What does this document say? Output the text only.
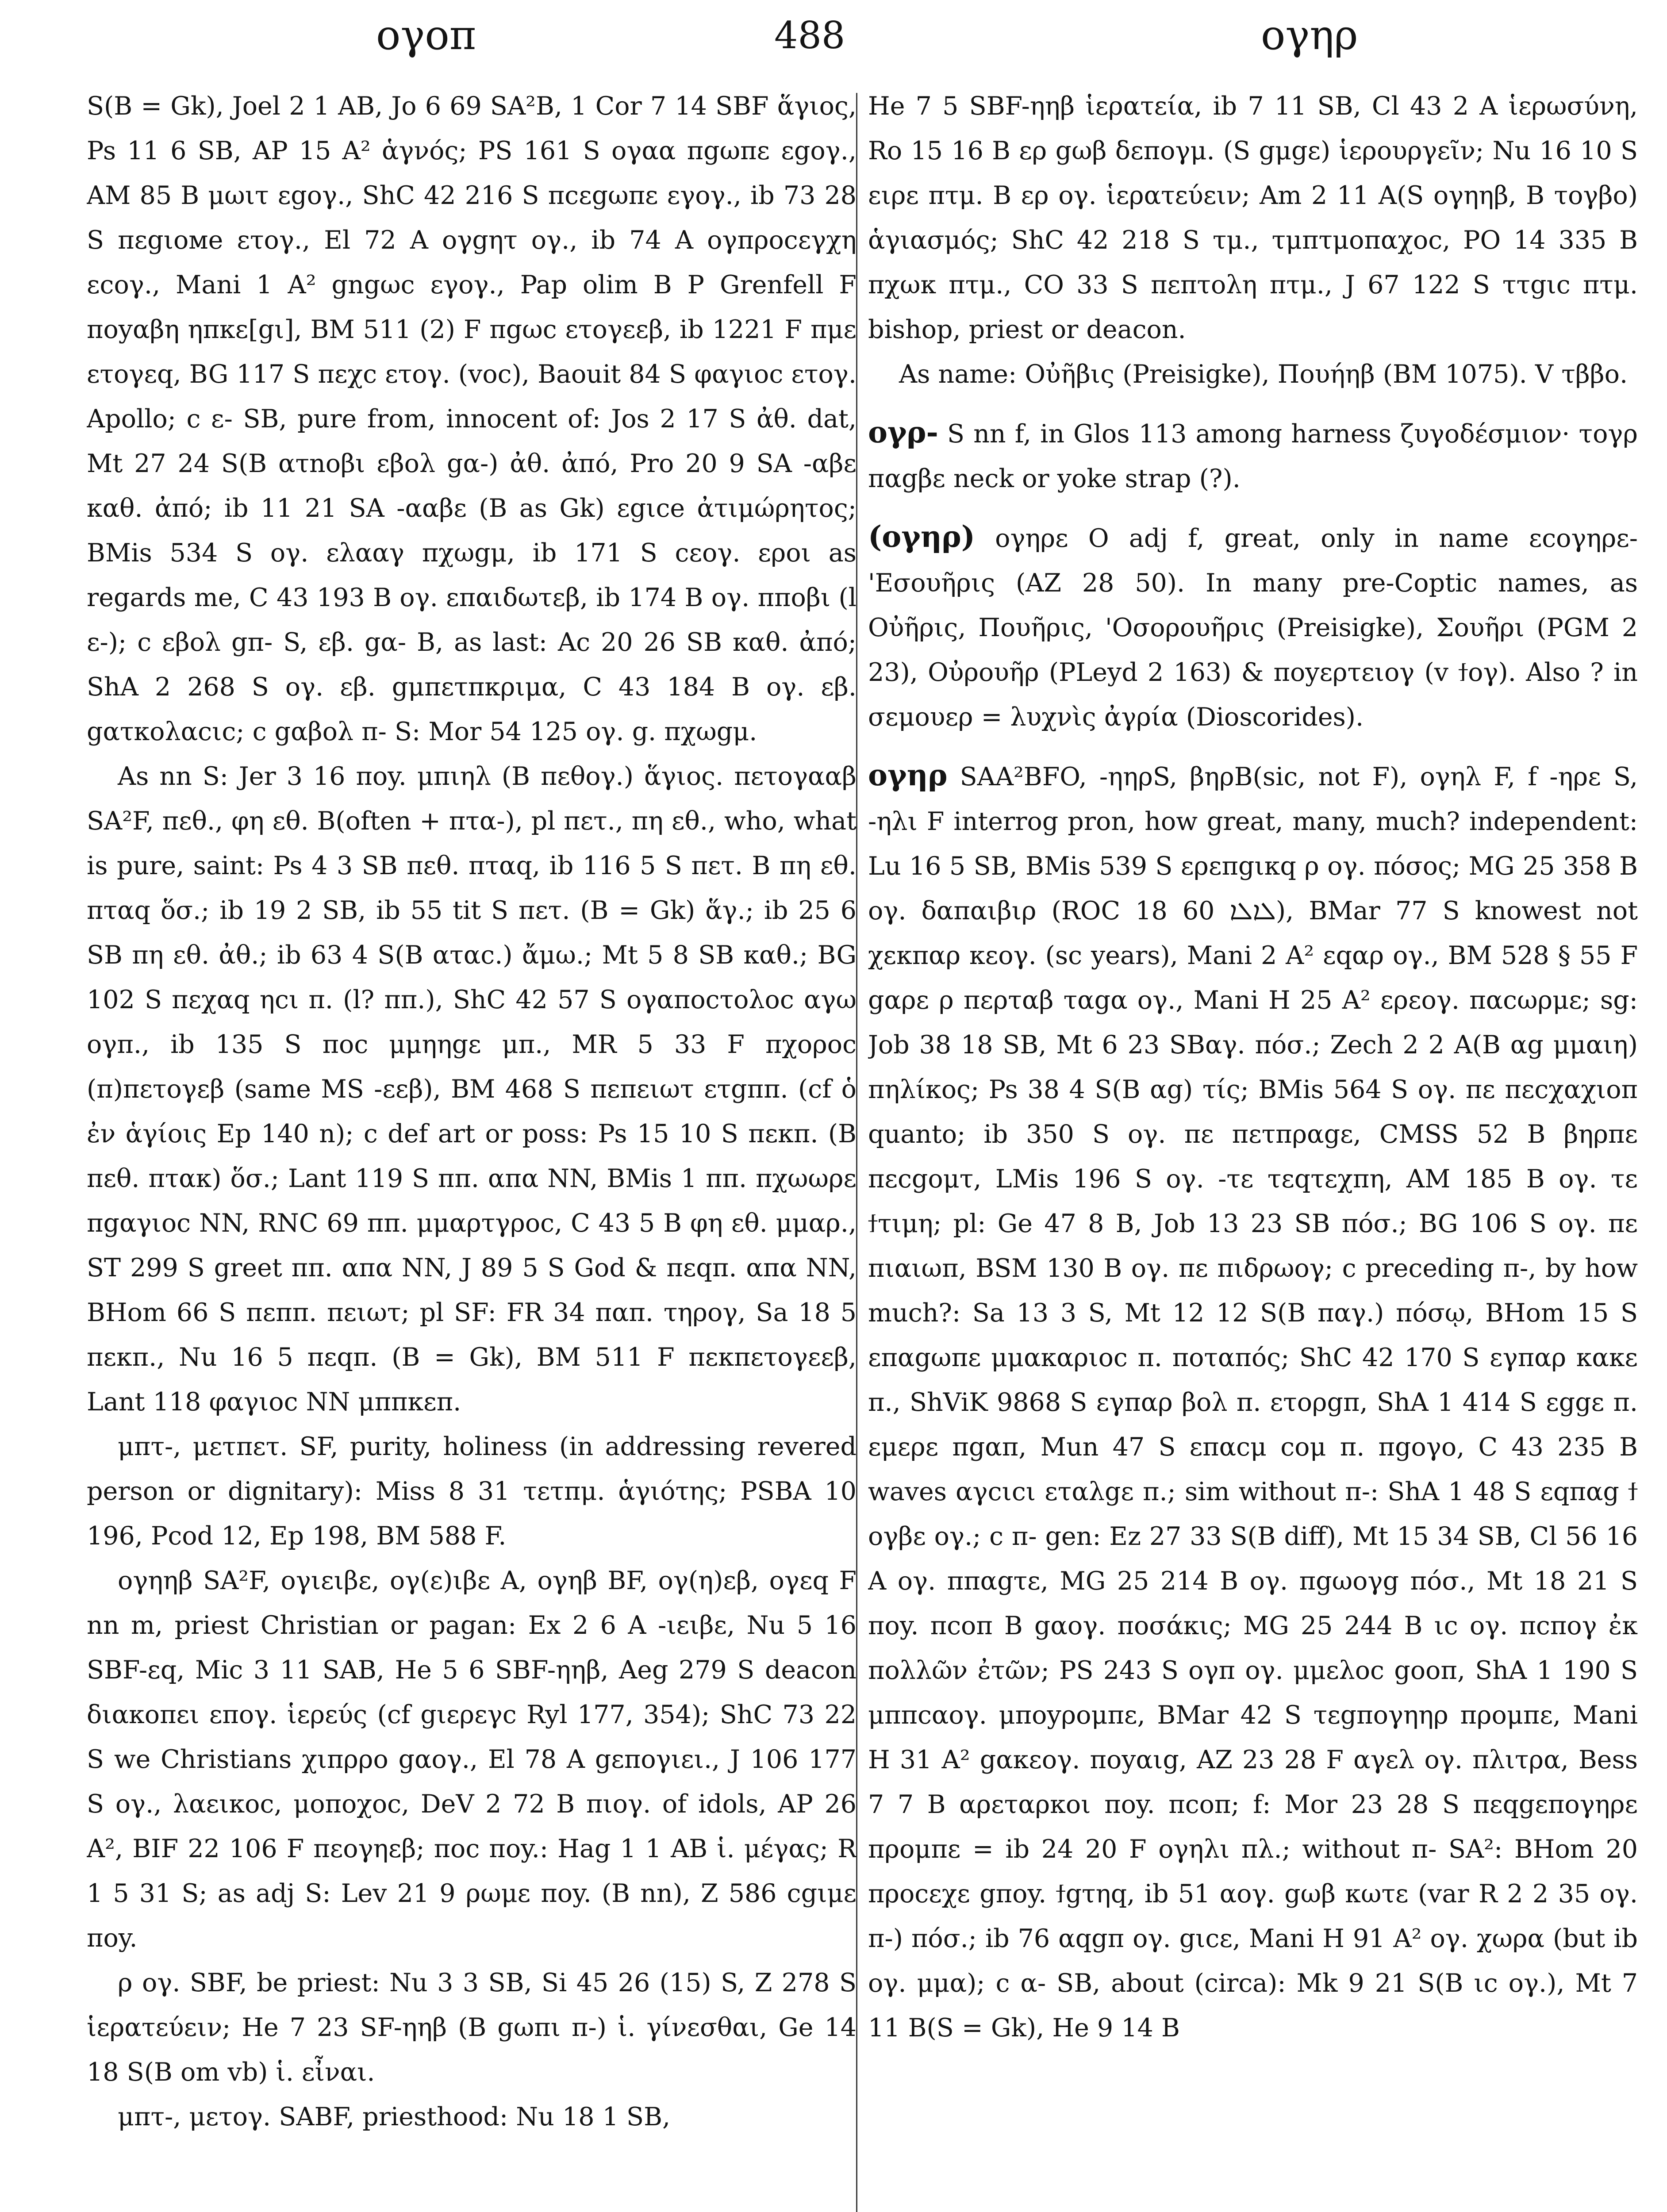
ογοπ	488	ογηρ

S(B = Gk), Joel 2 1 AB, Jo 6 69 SA²B, 1 Cor 7 14 SBF ἅγιος, Ps 11 6 SB, AP 15 A² ἁγνός; PS 161 S ογαα πgωπε εgογ., AM 85 B μωιτ εgογ., ShC 42 216 S πcεgωπε εγογ., ib 73 28 S πεgιοме ετογ., El 72 A ογgητ ογ., ib 74 A ογπροcεγχη εcογ., Mani 1 A² gngωc εγογ., Pap olim B P Grenfell F ποyαβη ηπκε[gι], BM 511 (2) F πgωc ετογεεβ, ib 1221 F πμε ετογεq, BG 117 S πεχc ετογ. (voc), Baouit 84 S φαγιοc ετογ. Apollo; c ε- SB, pure from, innocent of: Jos 2 17 S ἀθ. dat, Mt 27 24 S(B ατnoβι εβολ gα-) ἀθ. ἀπό, Pro 20 9 SA -αβε καθ. ἀπό; ib 11 21 SA -ααβε (B as Gk) εgιce ἀτιμώρητος; BMis 534 S ογ. ελααγ πχωgμ, ib 171 S cεογ. εροι as regards me, C 43 193 B ογ. επαιδωτεβ, ib 174 B ογ. ππoβι (l ε-); c εβολ gπ- S, εβ. gα- B, as last: Ac 20 26 SB καθ. ἀπό; ShA 2 268 S ογ. εβ. gμπετπκριμα, C 43 184 B ογ. εβ. gατκολαcιc; c gαβολ π- S: Mor 54 125 ογ. g. πχωgμ.

As nn S: Jer 3 16 ποy. μπιηλ (B πεθογ.) ἅγιος. πετογααβ SA²F, πεθ., φη εθ. B(often + πτα-), pl πετ., πη εθ., who, what is pure, saint: Ps 4 3 SB πεθ. πταq, ib 116 5 S πετ. B πη εθ. πταq ὅσ.; ib 19 2 SB, ib 55 tit S πετ. (B = Gk) ἅγ.; ib 25 6 SB πη εθ. ἀθ.; ib 63 4 S(B αταc.) ἄμω.; Mt 5 8 SB καθ.; BG 102 S πεχαq ηcι π. (l? ππ.), ShC 42 57 S ογαποcτολοc αγω ογπ., ib 135 S ποc μμηηgε μπ., MR 5 33 F πχοροc (π)πετογεβ (same MS -εεβ), BM 468 S πεπειωτ ετgππ. (cf ὁ ἐν ἁγίοις Ep 140 n); c def art or poss: Ps 15 10 S πεκπ. (B πεθ. πταк) ὅσ.; Lant 119 S ππ. απα NN, BMis 1 ππ. πχωωρε πgαγιοc NN, RNC 69 ππ. μμαρτγροc, C 43 5 B φη εθ. μμαρ., ST 299 S greet ππ. απα NN, J 89 5 S God & πεqπ. απα NN, BHom 66 S πεππ. πειωτ; pl SF: FR 34 παπ. τηρογ, Sa 18 5 πεκπ., Nu 16 5 πεqπ. (B = Gk), BM 511 F πεκπετογεεβ, Lant 118 φαγιοc NN μππκεπ.

μπτ-, μετπετ. SF, purity, holiness (in addressing revered person or dignitary): Miss 8 31 τετπμ. ἁγιότης; PSBA 10 196, Pcod 12, Ep 198, BM 588 F.

ογηηβ SA²F, ογιειβε, ογ(ε)ιβε A, ογηβ BF, ογ(η)εβ, ογεq F nn m, priest Christian or pagan: Ex 2 6 A -ιειβε, Nu 5 16 SBF-εq, Mic 3 11 SAB, He 5 6 SBF-ηηβ, Aeg 279 S deacon διακοπει επογ. ἱερεύς (cf gιερεγc Ryl 177, 354); ShC 73 22 S we Christians χιπρρο gαογ., El 78 A gεπογιει., J 106 177 S ογ., λαεικοc, μοποχοc, DeV 2 72 B πιογ. of idols, AP 26 A², BIF 22 106 F πεογηεβ; ποc ποy.: Hag 1 1 AB ἱ. μέγας; R 1 5 31 S; as adj S: Lev 21 9 ρωμε ποy. (B nn), Z 586 cgιμε ποy.

ρ ογ. SBF, be priest: Nu 3 3 SB, Si 45 26 (15) S, Z 278 S ἱερατεύειν; He 7 23 SF-ηηβ (B gωπι π-) ἱ. γίνεσθαι, Ge 14 18 S(B om vb) ἱ. εἶναι.

μπτ-, μετογ. SABF, priesthood: Nu 18 1 SB,

He 7 5 SBF-ηηβ ἱερατεία, ib 7 11 SB, Cl 43 2 A ἱερωσύνη, Ro 15 16 B ερ gωβ δεπογμ. (S gμgε) ἱερουργεῖν; Nu 16 10 S ειρε πτμ. B ερ ογ. ἱερατεύειν; Am 2 11 A(S ογηηβ, B τογβο) ἁγιασμός; ShC 42 218 S τμ., τμπτμοπαχοc, PO 14 335 B πχωκ πτμ., CO 33 S πεπτολη πτμ., J 67 122 S ττgιc πτμ. bishop, priest or deacon.

As name: Οὐῆβις (Preisigke), Πουήηβ (BM 1075). V τββο.

ογρ- S nn f, in Glos 113 among harness ζυγοδέσμιον· τογρ παgβε neck or yoke strap (?).

(ογηρ) ογηρε O adj f, great, only in name εcογηρε-'Εσουῆρις (AZ 28 50). In many pre-Coptic names, as Οὐῆρις, Πουῆρις, 'Οσορουῆρις (Preisigke), Σουῆρι (PGM 2 23), Οὐρουῆρ (PLeyd 2 163) & ποyερτειογ (v ϯογ). Also ? in σεμουερ = λυχνὶς ἀγρία (Dioscorides).

ογηρ SAA²BFO, -ηηρS, βηρB(sic, not F), ογηλ F, f -ηρε S, -ηλι F interrog pron, how great, many, much? independent: Lu 16 5 SB, BMis 539 S ερεπgικq ρ ογ. πόσος; MG 25 358 B ογ. δαπαιβιρ (ROC 18 60 ܠܐܠܐ), BMar 77 S knowest not χεκπαρ κεογ. (sc years), Mani 2 A² εqαρ ογ., BM 528 § 55 F gαρε ρ περταβ ταgα ογ., Mani H 25 A² ερεογ. παcωρμε; sg: Job 38 18 SB, Mt 6 23 SBαγ. πόσ.; Zech 2 2 A(B αg μμαιη) πηλίκος; Ps 38 4 S(B αg) τίς; BMis 564 S ογ. πε πεcχαχιοπ quanto; ib 350 S ογ. πε πετπραgε, CMSS 52 B βηρπε πεcgομτ, LMis 196 S ογ. -τε τεqτεχπη, AM 185 B ογ. τε ϯτιμη; pl: Ge 47 8 B, Job 13 23 SB πόσ.; BG 106 S ογ. πε πιαιωπ, BSM 130 B ογ. πε πιδρωογ; c preceding π-, by how much?: Sa 13 3 S, Mt 12 12 S(B παγ.) πόσῳ, BHom 15 S επαgωπε μμακαριοc π. ποταπός; ShC 42 170 S εγπαρ κακε π., ShViK 9868 S εγπαρ βολ π. ετορgπ, ShA 1 414 S εggε π. εμερε πgαπ, Mun 47 S επαcμ cομ π. πgογο, C 43 235 B waves αγcιcι εταλgε π.; sim without π-: ShA 1 48 S εqπαg ϯ ογβε ογ.; c π- gen: Ez 27 33 S(B diff), Mt 15 34 SB, Cl 56 16 A ογ. ππαgτε, MG 25 214 B ογ. πgωογg πόσ., Mt 18 21 S ποy. πcοπ B gαογ. ποσάκις; MG 25 244 B ιc ογ. πcπογ ἐκ πολλῶν ἐτῶν; PS 243 S ογπ ογ. μμελοc gοοπ, ShA 1 190 S μππcαογ. μποyρομπε, BMar 42 S τεgπογηηρ προμπε, Mani H 31 A² gακεογ. ποyαιg, AZ 23 28 F αγελ ογ. πλιτρα, Bess 7 7 B αρεταρκοι ποy. πcοπ; f: Mor 23 28 S πεqgεπογηρε προμπε = ib 24 20 F ογηλι πλ.; without π- SA²: BHom 20 προcεχε gποy. ϯgτηq, ib 51 αογ. gωβ κωτε (var R 2 2 35 ογ. π-) πόσ.; ib 76 αqgπ ογ. gιcε, Mani H 91 A² ογ. χωρα (but ib ογ. μμα); c α- SB, about (circa): Mk 9 21 S(B ιc ογ.), Mt 7 11 B(S = Gk), He 9 14 B
